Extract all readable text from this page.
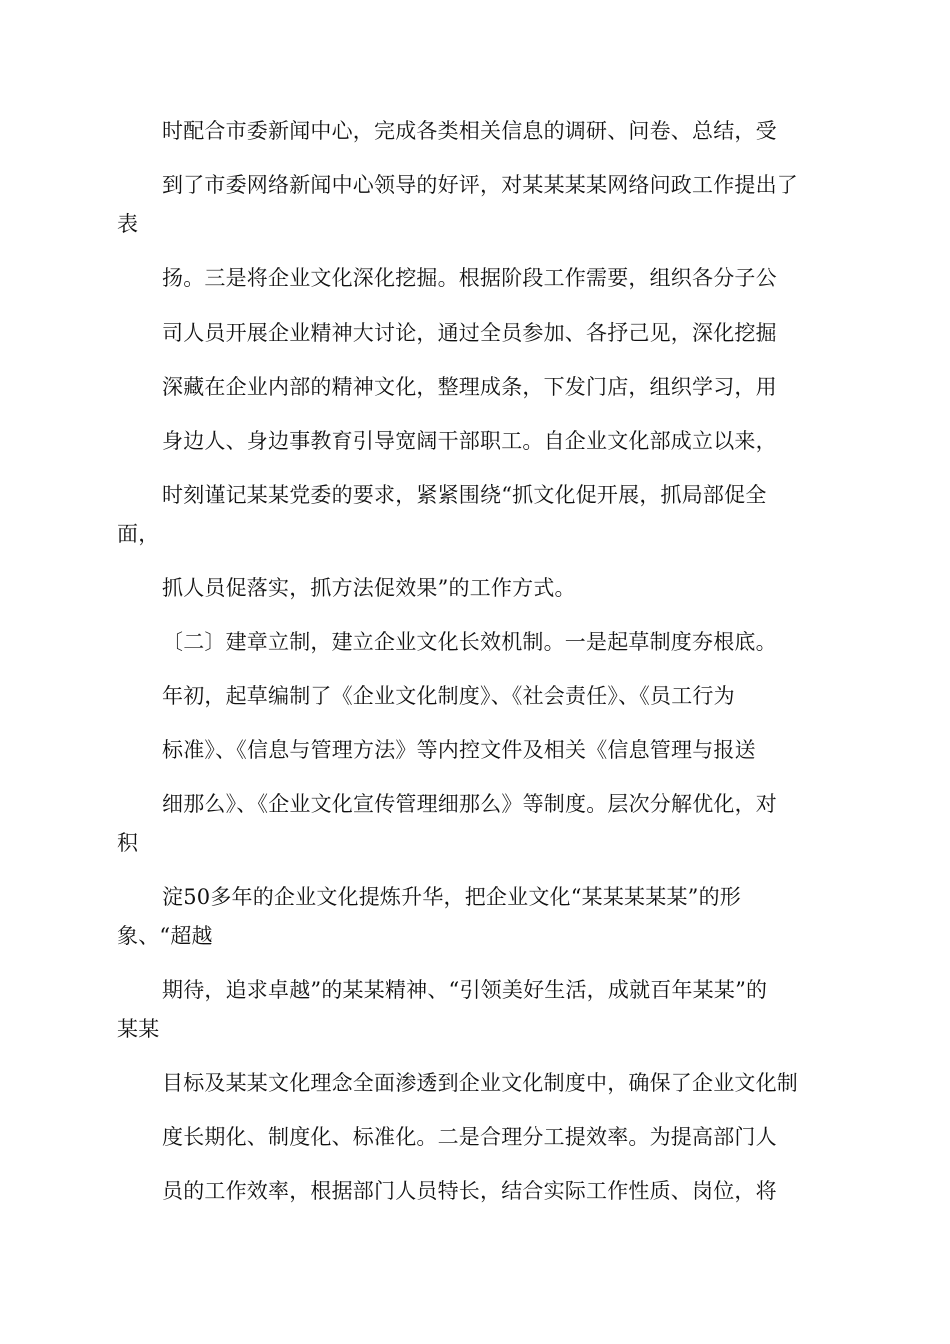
时配合市委新闻中心，完成各类相关信息的调研、问卷、总结，受
到了市委网络新闻中心领导的好评，对某某某某网络问政工作提出了
表
扬。三是将企业文化深化挖掘。根据阶段工作需要，组织各分子公
司人员开展企业精神大讨论，通过全员参加、各抒己见，深化挖掘
深藏在企业内部的精神文化，整理成条，下发门店，组织学习，用
身边人、身边事教育引导宽阔干部职工。自企业文化部成立以来，
时刻谨记某某党委的要求，紧紧围绕“抓文化促开展，抓局部促全
面，
抓人员促落实，抓方法促效果”的工作方式。
〔二〕建章立制，建立企业文化长效机制。一是起草制度夯根底。
年初，起草编制了《企业文化制度》、《社会责任》、《员工行为
标准》、《信息与管理方法》等内控文件及相关《信息管理与报送
细那么》、《企业文化宣传管理细那么》等制度。层次分解优化，对
积
淀50多年的企业文化提炼升华，把企业文化“某某某某某”的形
象、“超越
期待，追求卓越”的某某精神、“引领美好生活，成就百年某某”的
某某
目标及某某文化理念全面渗透到企业文化制度中，确保了企业文化制
度长期化、制度化、标准化。二是合理分工提效率。为提高部门人
员的工作效率，根据部门人员特长，结合实际工作性质、岗位，将
